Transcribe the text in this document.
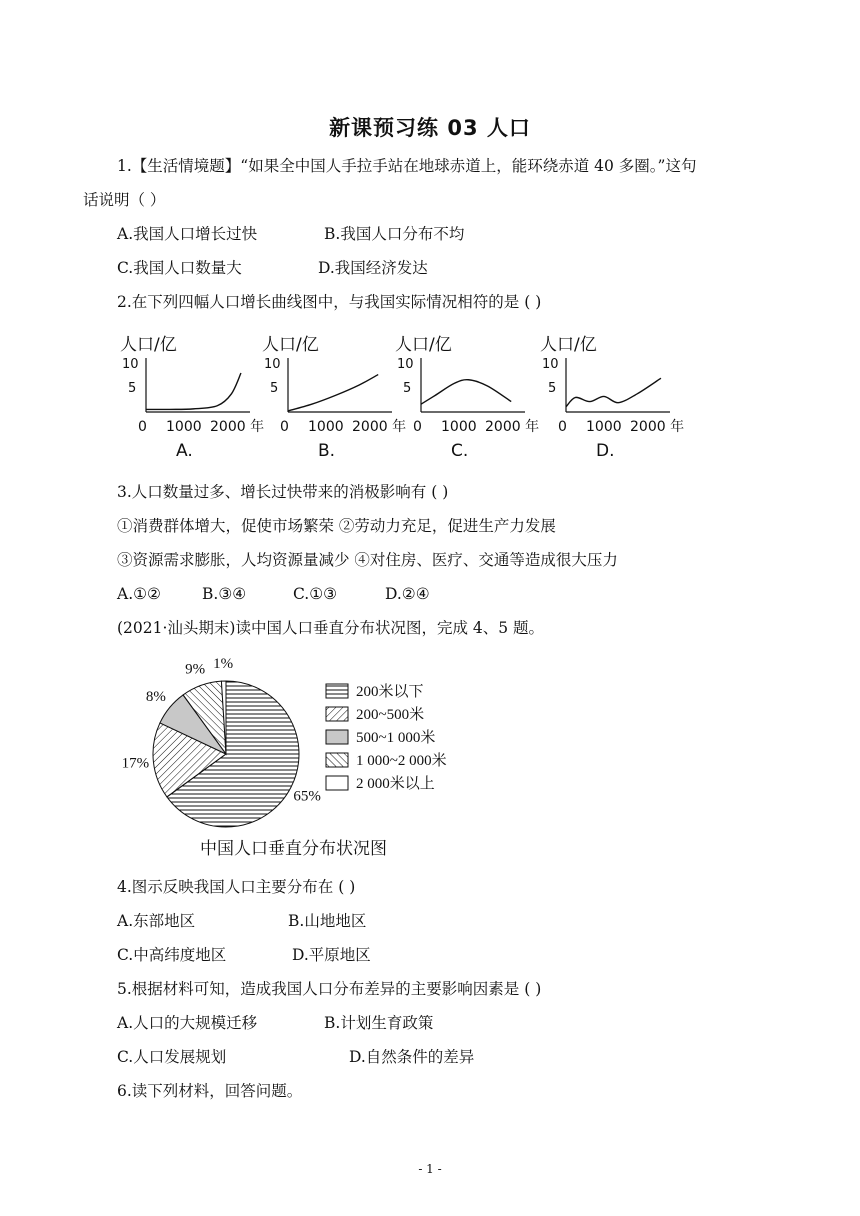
新课预习练 03 人口
1.【生活情境题】“如果全中国人手拉手站在地球赤道上，能环绕赤道 40 多圈。”这句
话说明（ ）
A.我国人口增长过快	B.我国人口分布不均
C.我国人口数量大	D.我国经济发达
2.在下列四幅人口增长曲线图中，与我国实际情况相符的是 ( )
人口/亿
10
5
0 1000 2000 年
A.
人口/亿
10
5
0 1000 2000 年
B.
人口/亿
10
5
0 1000 2000 年
C.
人口/亿
10
5
0 1000 2000 年
D.
3.人口数量过多、增长过快带来的消极影响有 ( )
①消费群体增大，促使市场繁荣 ②劳动力充足，促进生产力发展
③资源需求膨胀，人均资源量减少 ④对住房、医疗、交通等造成很大压力
A.①②	B.③④	C.①③	D.②④
(2021·汕头期末)读中国人口垂直分布状况图，完成 4、5 题。
65%
17%
8%
9% 1%
200米以下
200~500米
500~1 000米
1 000~2 000米
2 000米以上
中国人口垂直分布状况图
4.图示反映我国人口主要分布在 ( )
A.东部地区	B.山地地区
C.中高纬度地区	D.平原地区
5.根据材料可知，造成我国人口分布差异的主要影响因素是 ( )
A.人口的大规模迁移	B.计划生育政策
C.人口发展规划	D.自然条件的差异
6.读下列材料，回答问题。
- 1 -
